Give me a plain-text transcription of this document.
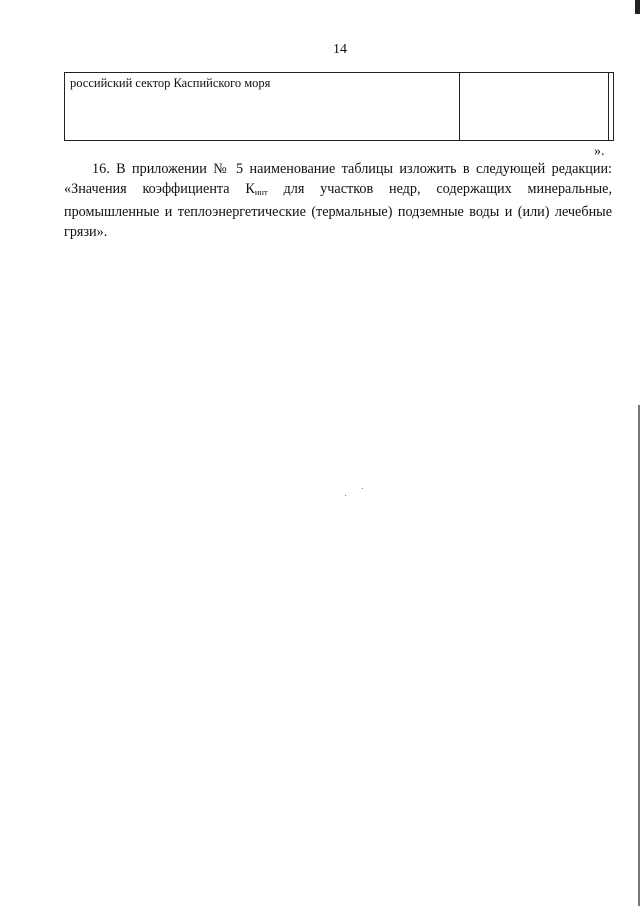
14
российский сектор Каспийского моря
».

16. В приложении № 5 наименование таблицы изложить в следующей редакции: «Значения коэффициента $К_{инт}$ для участков недр, содержащих минеральные, промышленные и теплоэнергетические (термальные) подземные воды и (или) лечебные грязи».
